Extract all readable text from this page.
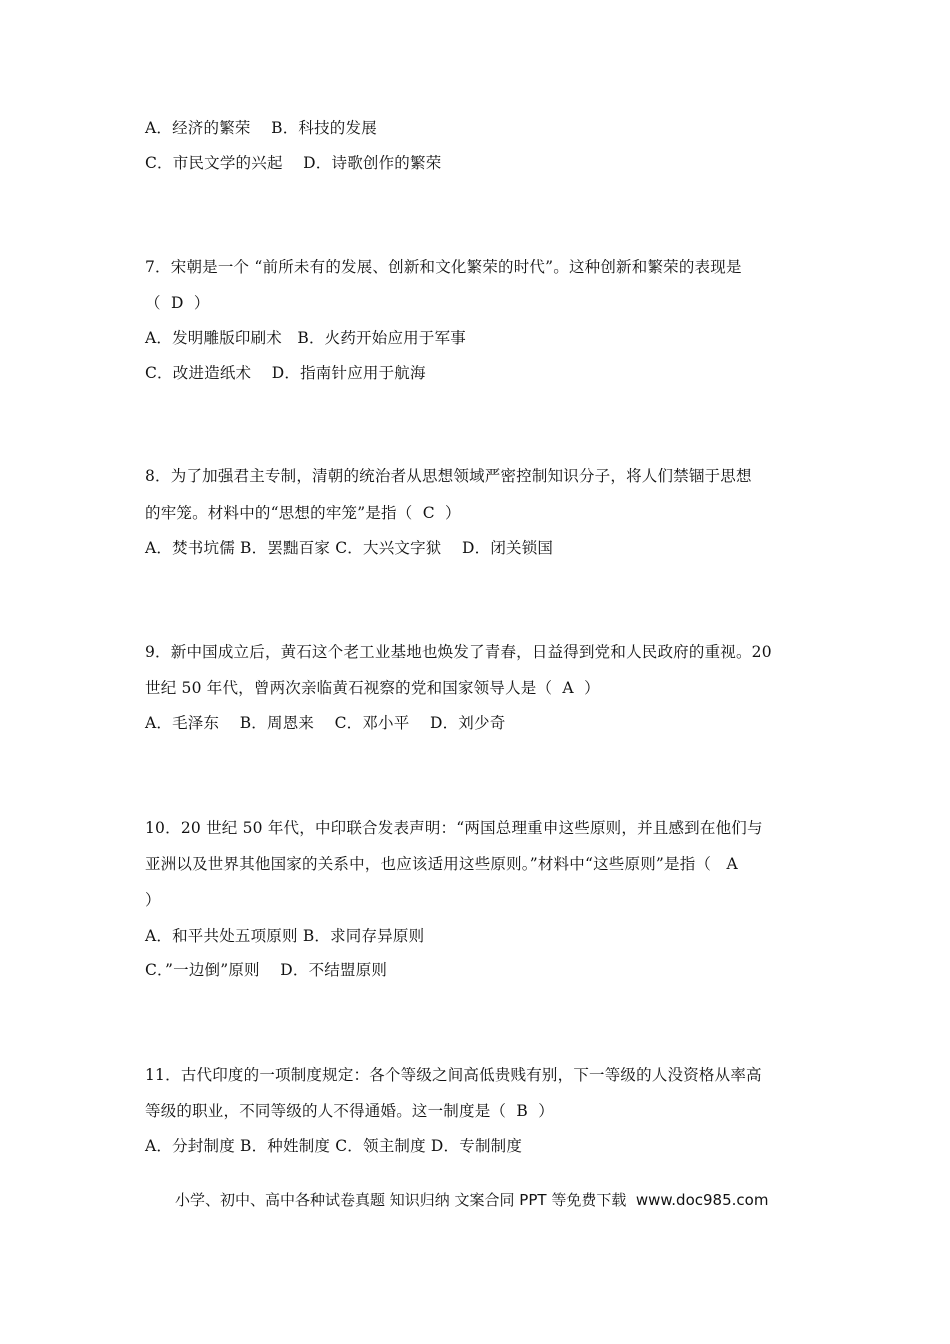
A．经济的繁荣    B．科技的发展
C．市民文学的兴起    D．诗歌创作的繁荣
7．宋朝是一个 “前所未有的发展、创新和文化繁荣的时代”。这种创新和繁荣的表现是
（  D  ）
A．发明雕版印刷术   B．火药开始应用于军事
C．改进造纸术    D．指南针应用于航海
8．为了加强君主专制，清朝的统治者从思想领域严密控制知识分子，将人们禁锢于思想
的牢笼。材料中的“思想的牢笼”是指（  C  ）
A．焚书坑儒 B．罢黜百家 C．大兴文字狱    D．闭关锁国
9．新中国成立后，黄石这个老工业基地也焕发了青春，日益得到党和人民政府的重视。20
世纪 50 年代，曾两次亲临黄石视察的党和国家领导人是（  A  ）
A．毛泽东    B．周恩来    C．邓小平    D．刘少奇
10．20 世纪 50 年代，中印联合发表声明：“两国总理重申这些原则，并且感到在他们与
亚洲以及世界其他国家的关系中，也应该适用这些原则。”材料中“这些原则”是指（   A
）
A．和平共处五项原则 B．求同存异原则
C．”一边倒”原则    D．不结盟原则
11．古代印度的一项制度规定：各个等级之间高低贵贱有别，下一等级的人没资格从率高
等级的职业，不同等级的人不得通婚。这一制度是（  B  ）
A．分封制度 B．种姓制度 C．领主制度 D．专制制度
小学、初中、高中各种试卷真题 知识归纳 文案合同 PPT 等免费下载  www.doc985.com
